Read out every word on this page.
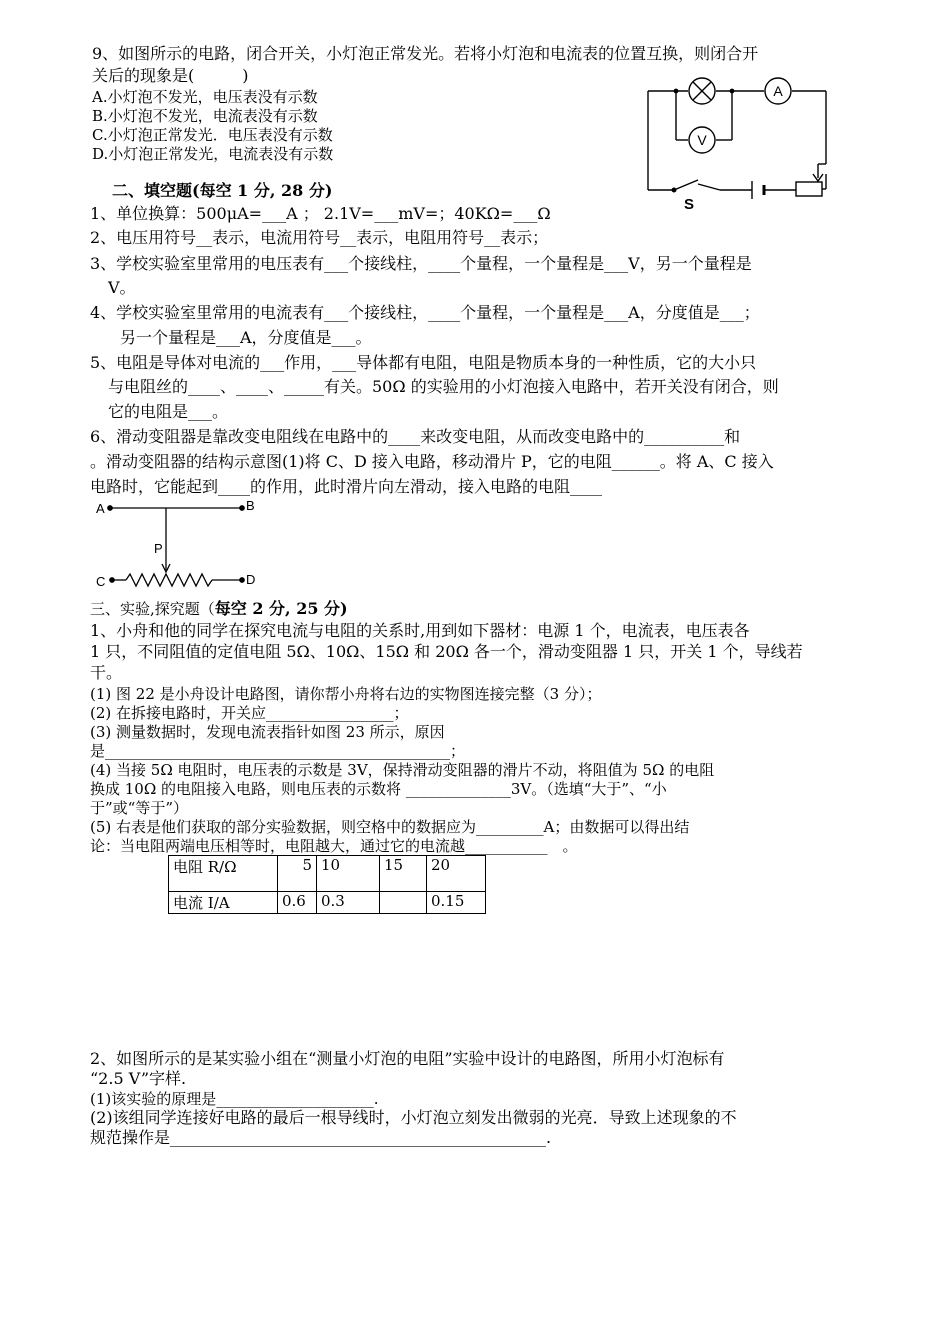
9、如图所示的电路，闭合开关，小灯泡正常发光。若将小灯泡和电流表的位置互换，则闭合开
关后的现象是(　　　)
A.小灯泡不发光，电压表没有示数
B.小灯泡不发光，电流表没有示数
C.小灯泡正常发光．电压表没有示数
D.小灯泡正常发光，电流表没有示数
A
V
S
二、填空题(每空 1 分, 28 分)
1、单位换算：500μA=___A ； 2.1V=___mV=；40KΩ=___Ω
2、电压用符号__表示，电流用符号__表示，电阻用符号__表示；
3、学校实验室里常用的电压表有___个接线柱，____个量程，一个量程是___V，另一个量程是
V。
4、学校实验室里常用的电流表有___个接线柱，____个量程，一个量程是___A，分度值是___；
另一个量程是___A，分度值是___。
5、电阻是导体对电流的___作用，___导体都有电阻，电阻是物质本身的一种性质，它的大小只
与电阻丝的____、____、_____有关。50Ω 的实验用的小灯泡接入电路中，若开关没有闭合，则
它的电阻是___。
6、滑动变阻器是靠改变电阻线在电路中的____来改变电阻，从而改变电路中的__________和
。滑动变阻器的结构示意图(1)将 C、D 接入电路，移动滑片 P，它的电阻______。将 A、C 接入
电路时，它能起到____的作用，此时滑片向左滑动，接入电路的电阻____
A	B
C	D
P
三、实验,探究题（每空 2 分, 25 分)
1、小舟和他的同学在探究电流与电阻的关系时,用到如下器材：电源 1 个，电流表，电压表各
1 只，不同阻值的定值电阻 5Ω、10Ω、15Ω 和 20Ω 各一个，滑动变阻器 1 只，开关 1 个，导线若
干。
(1) 图 22 是小舟设计电路图，请你帮小舟将右边的实物图连接完整（3 分）；
(2) 在拆接电路时，开关应_________________；
(3) 测量数据时，发现电流表指针如图 23 所示，原因
是______________________________________________；
(4) 当接 5Ω 电阻时，电压表的示数是 3V，保持滑动变阻器的滑片不动，将阻值为 5Ω 的电阻
换成 10Ω 的电阻接入电路，则电压表的示数将 ______________3V。（选填“大于”、“小
于”或“等于”）
(5) 右表是他们获取的部分实验数据，则空格中的数据应为_________A；由数据可以得出结
论：当电阻两端电压相等时，电阻越大，通过它的电流越___________　。
电阻 R/Ω	5	10	15	20
电流 I/A	0.6	0.3		0.15
2、如图所示的是某实验小组在“测量小灯泡的电阻”实验中设计的电路图，所用小灯泡标有
“2.5 V”字样.
(1)该实验的原理是_____________________.
(2)该组同学连接好电路的最后一根导线时，小灯泡立刻发出微弱的光亮．导致上述现象的不
规范操作是_______________________________________________.
